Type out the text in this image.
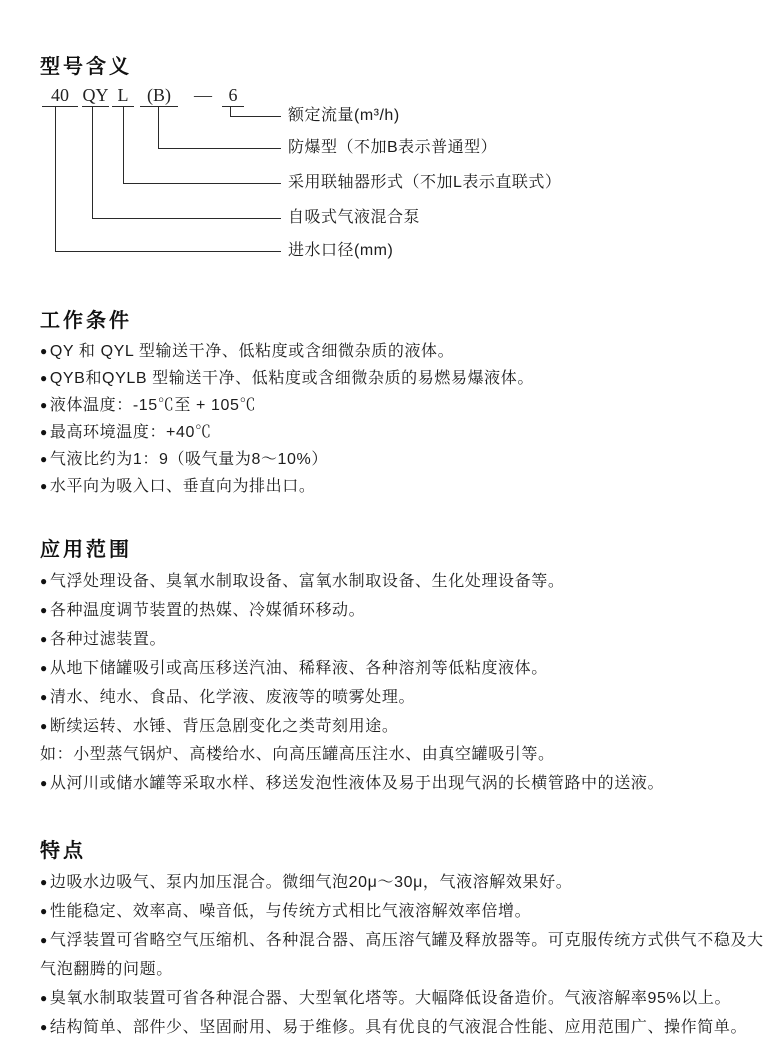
型号含义
40 QY L	(B)	— 6
额定流量(m³/h)
防爆型（不加B表示普通型）
采用联轴器形式（不加L表示直联式）
自吸式气液混合泵
进水口径(mm)
工作条件
● QY 和 QYL 型输送干净、低粘度或含细微杂质的液体。
● QYB和QYLB 型输送干净、低粘度或含细微杂质的易燃易爆液体。
● 液体温度：-15℃至 + 105℃
● 最高环境温度：+40℃
● 气液比约为1：9（吸气量为8～10%）
● 水平向为吸入口、垂直向为排出口。
应用范围
● 气浮处理设备、臭氧水制取设备、富氧水制取设备、生化处理设备等。
● 各种温度调节装置的热媒、冷媒循环移动。
● 各种过滤装置。
● 从地下储罐吸引或高压移送汽油、稀释液、各种溶剂等低粘度液体。
● 清水、纯水、食品、化学液、废液等的喷雾处理。
● 断续运转、水锤、背压急剧变化之类苛刻用途。
如：小型蒸气锅炉、高楼给水、向高压罐高压注水、由真空罐吸引等。
● 从河川或储水罐等采取水样、移送发泡性液体及易于出现气涡的长横管路中的送液。
特点
● 边吸水边吸气、泵内加压混合。微细气泡20μ～30μ，气液溶解效果好。
● 性能稳定、效率高、噪音低，与传统方式相比气液溶解效率倍增。
● 气浮装置可省略空气压缩机、各种混合器、高压溶气罐及释放器等。可克服传统方式供气不稳及大气泡翻腾的问题。
● 臭氧水制取装置可省各种混合器、大型氧化塔等。大幅降低设备造价。气液溶解率95%以上。
● 结构简单、部件少、坚固耐用、易于维修。具有优良的气液混合性能、应用范围广、操作简单。
